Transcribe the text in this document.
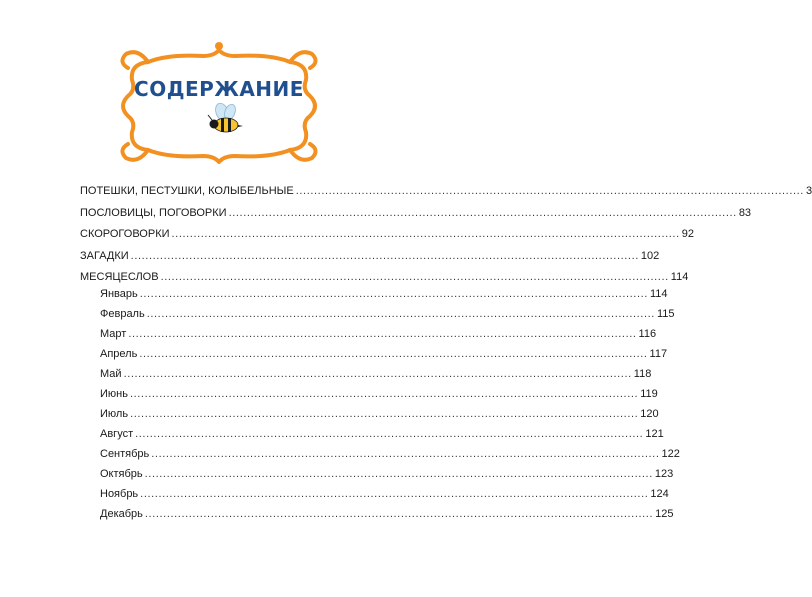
СОДЕРЖАНИЕ
ПОТЕШКИ, ПЕСТУШКИ, КОЛЫБЕЛЬНЫЕ ........................................................................................................................................... 3
ПОСЛОВИЦЫ, ПОГОВОРКИ ........................................................................................................................................... 83
СКОРОГОВОРКИ ........................................................................................................................................... 92
ЗАГАДКИ ........................................................................................................................................... 102
МЕСЯЦЕСЛОВ ........................................................................................................................................... 114
Январь ........................................................................................................................................... 114
Февраль ........................................................................................................................................... 115
Март ........................................................................................................................................... 116
Апрель ........................................................................................................................................... 117
Май ........................................................................................................................................... 118
Июнь ........................................................................................................................................... 119
Июль ........................................................................................................................................... 120
Август ........................................................................................................................................... 121
Сентябрь ........................................................................................................................................... 122
Октябрь ........................................................................................................................................... 123
Ноябрь ........................................................................................................................................... 124
Декабрь ........................................................................................................................................... 125
